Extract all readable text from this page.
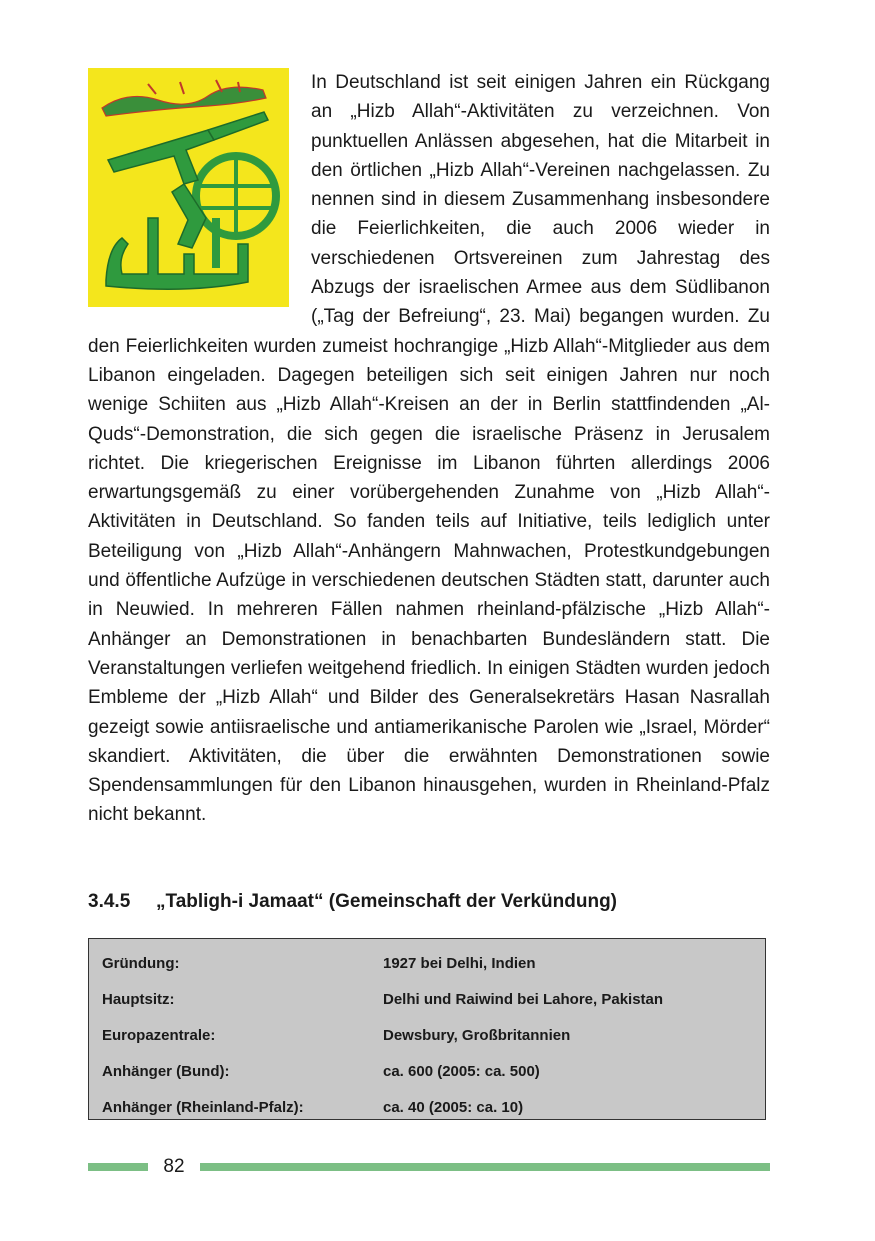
In Deutschland ist seit einigen Jahren ein Rückgang an „Hizb Allah“-Aktivitäten zu verzeichnen. Von punktuellen Anlässen abgesehen, hat die Mitarbeit in den örtlichen „Hizb Allah“-Vereinen nachgelassen. Zu nennen sind in diesem Zusammenhang insbesondere die Feierlichkeiten, die auch 2006 wieder in verschiedenen Ortsvereinen zum Jahrestag des Abzugs der israelischen Armee aus dem Südlibanon („Tag der Befreiung“, 23. Mai) begangen wurden. Zu den Feierlichkeiten wurden zumeist hochrangige „Hizb Allah“-Mitglieder aus dem Libanon eingeladen. Dagegen beteiligen sich seit einigen Jahren nur noch wenige Schiiten aus „Hizb Allah“-Kreisen an der in Berlin stattfindenden „Al-Quds“-Demonstration, die sich gegen die israelische Präsenz in Jerusalem richtet. Die kriegerischen Ereignisse im Libanon führten allerdings 2006 erwartungsgemäß zu einer vorübergehenden Zunahme von „Hizb Allah“-Aktivitäten in Deutschland. So fanden teils auf Initiative, teils lediglich unter Beteiligung von „Hizb Allah“-Anhängern Mahnwachen, Protestkundgebungen und öffentliche Aufzüge in verschiedenen deutschen Städten statt, darunter auch in Neuwied. In mehreren Fällen nahmen rheinland-pfälzische „Hizb Allah“-Anhänger an Demonstrationen in benachbarten Bundesländern statt. Die Veranstaltungen verliefen weitgehend friedlich. In einigen Städten wurden jedoch Embleme der „Hizb Allah“ und Bilder des Generalsekretärs Hasan Nasrallah gezeigt sowie antiisraelische und antiamerikanische Parolen wie „Israel, Mörder“ skandiert. Aktivitäten, die über die erwähnten Demonstrationen sowie Spendensammlungen für den Libanon hinausgehen, wurden in Rheinland-Pfalz nicht bekannt.

3.4.5 „Tabligh-i Jamaat“ (Gemeinschaft der Verkündung)
Gründung:	1927 bei Delhi, Indien
Hauptsitz:	Delhi und Raiwind bei Lahore, Pakistan
Europazentrale:	Dewsbury, Großbritannien
Anhänger (Bund):	ca. 600 (2005: ca. 500)
Anhänger (Rheinland-Pfalz):	ca. 40 (2005: ca. 10)
82
